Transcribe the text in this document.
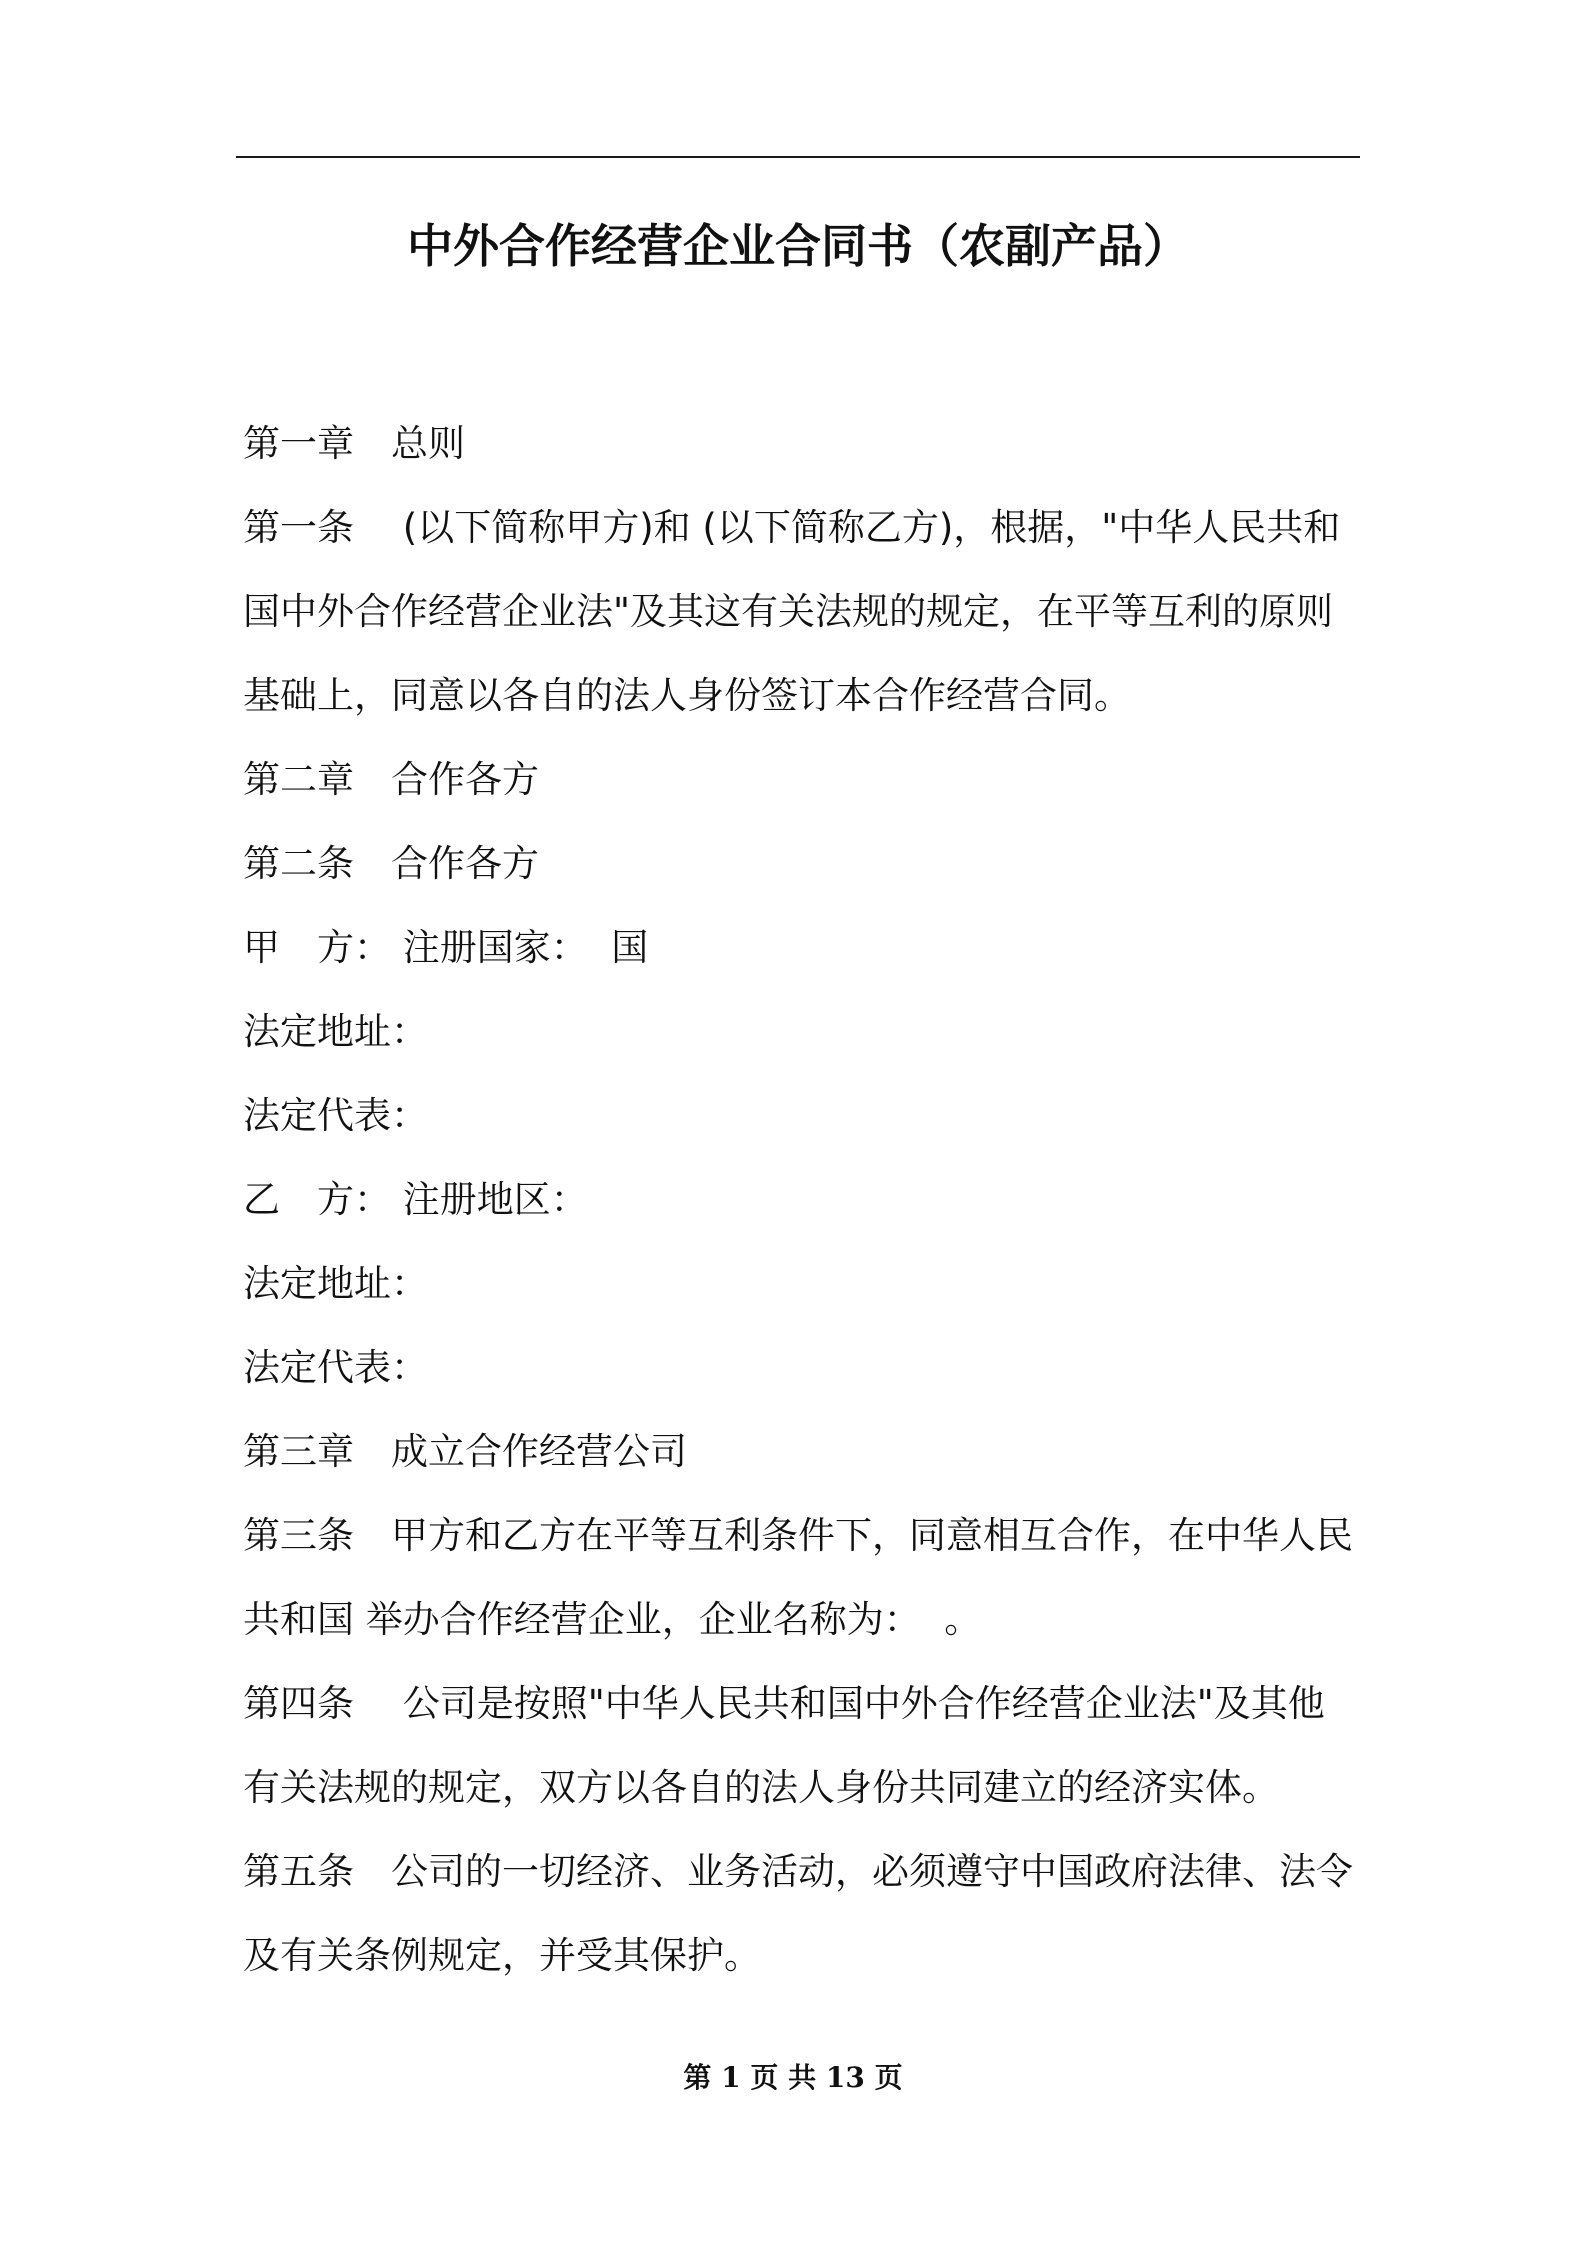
中外合作经营企业合同书（农副产品）
第一章　总则
第一条　 (以下简称甲方)和 (以下简称乙方)，根据，"中华人民共和
国中外合作经营企业法"及其这有关法规的规定，在平等互利的原则
基础上，同意以各自的法人身份签订本合作经营合同。
第二章　合作各方
第二条　合作各方
甲　方： 注册国家：  国
法定地址：
法定代表：
乙　方： 注册地区：
法定地址：
法定代表：
第三章　成立合作经营公司
第三条　甲方和乙方在平等互利条件下，同意相互合作，在中华人民
共和国 举办合作经营企业，企业名称为：  。
第四条　 公司是按照"中华人民共和国中外合作经营企业法"及其他
有关法规的规定，双方以各自的法人身份共同建立的经济实体。
第五条　公司的一切经济、业务活动，必须遵守中国政府法律、法令
及有关条例规定，并受其保护。
第 1 页 共 13 页
